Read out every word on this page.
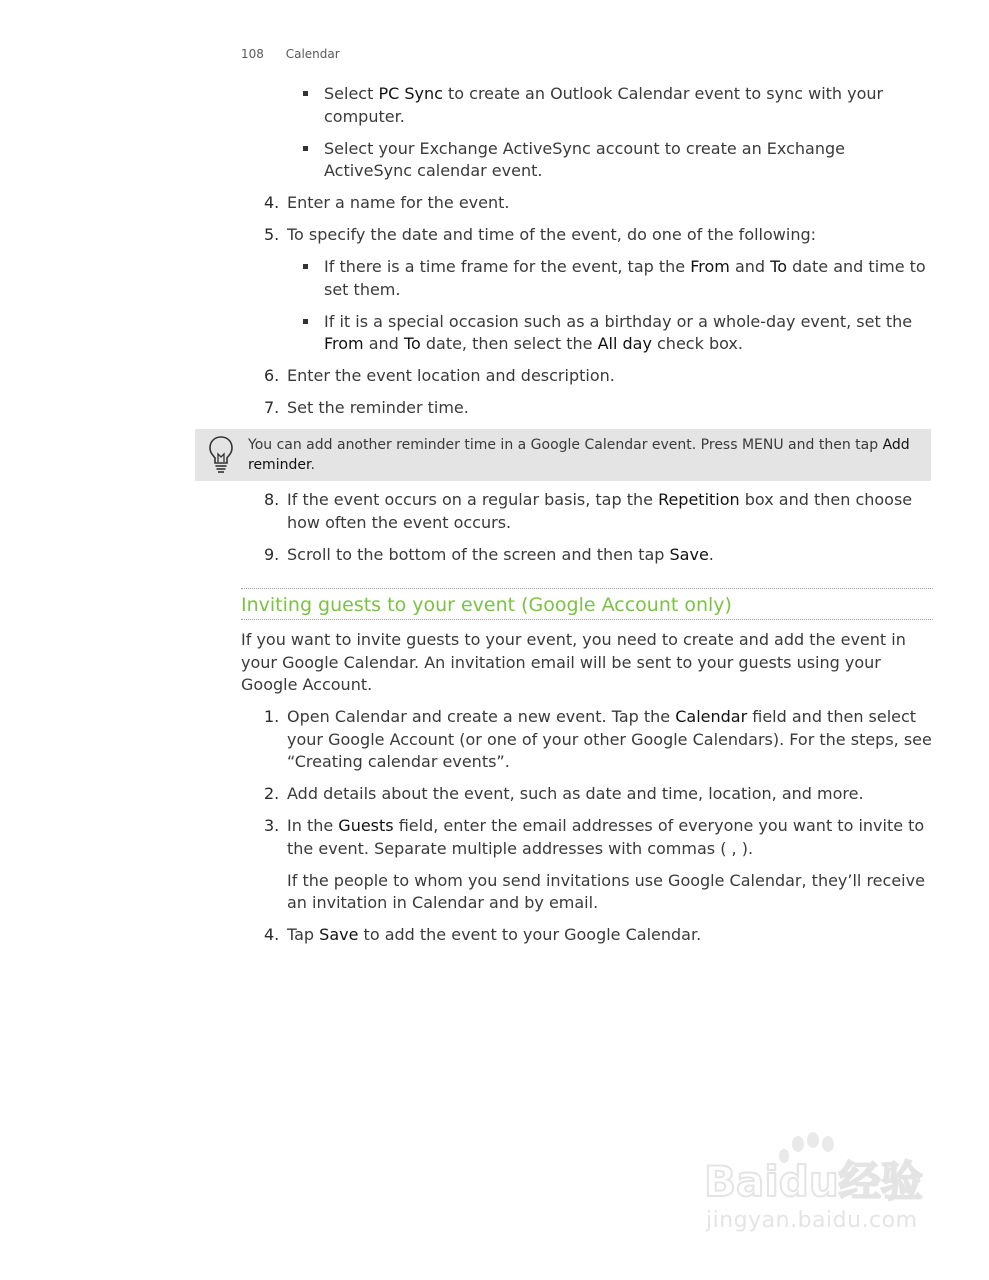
108 Calendar
Select PC Sync to create an Outlook Calendar event to sync with your computer.
Select your Exchange ActiveSync account to create an Exchange ActiveSync calendar event.
4. Enter a name for the event.
5. To specify the date and time of the event, do one of the following:
If there is a time frame for the event, tap the From and To date and time to set them.
If it is a special occasion such as a birthday or a whole-day event, set the From and To date, then select the All day check box.
6. Enter the event location and description.
7. Set the reminder time.
You can add another reminder time in a Google Calendar event. Press MENU and then tap Add reminder.
8. If the event occurs on a regular basis, tap the Repetition box and then choose how often the event occurs.
9. Scroll to the bottom of the screen and then tap Save.
Inviting guests to your event (Google Account only)

If you want to invite guests to your event, you need to create and add the event in your Google Calendar. An invitation email will be sent to your guests using your Google Account.

1. Open Calendar and create a new event. Tap the Calendar field and then select your Google Account (or one of your other Google Calendars). For the steps, see “Creating calendar events”.
2. Add details about the event, such as date and time, location, and more.
3. In the Guests field, enter the email addresses of everyone you want to invite to the event. Separate multiple addresses with commas ( , ).
If the people to whom you send invitations use Google Calendar, they’ll receive an invitation in Calendar and by email.
4. Tap Save to add the event to your Google Calendar.
Baidu经验
jingyan.baidu.com
